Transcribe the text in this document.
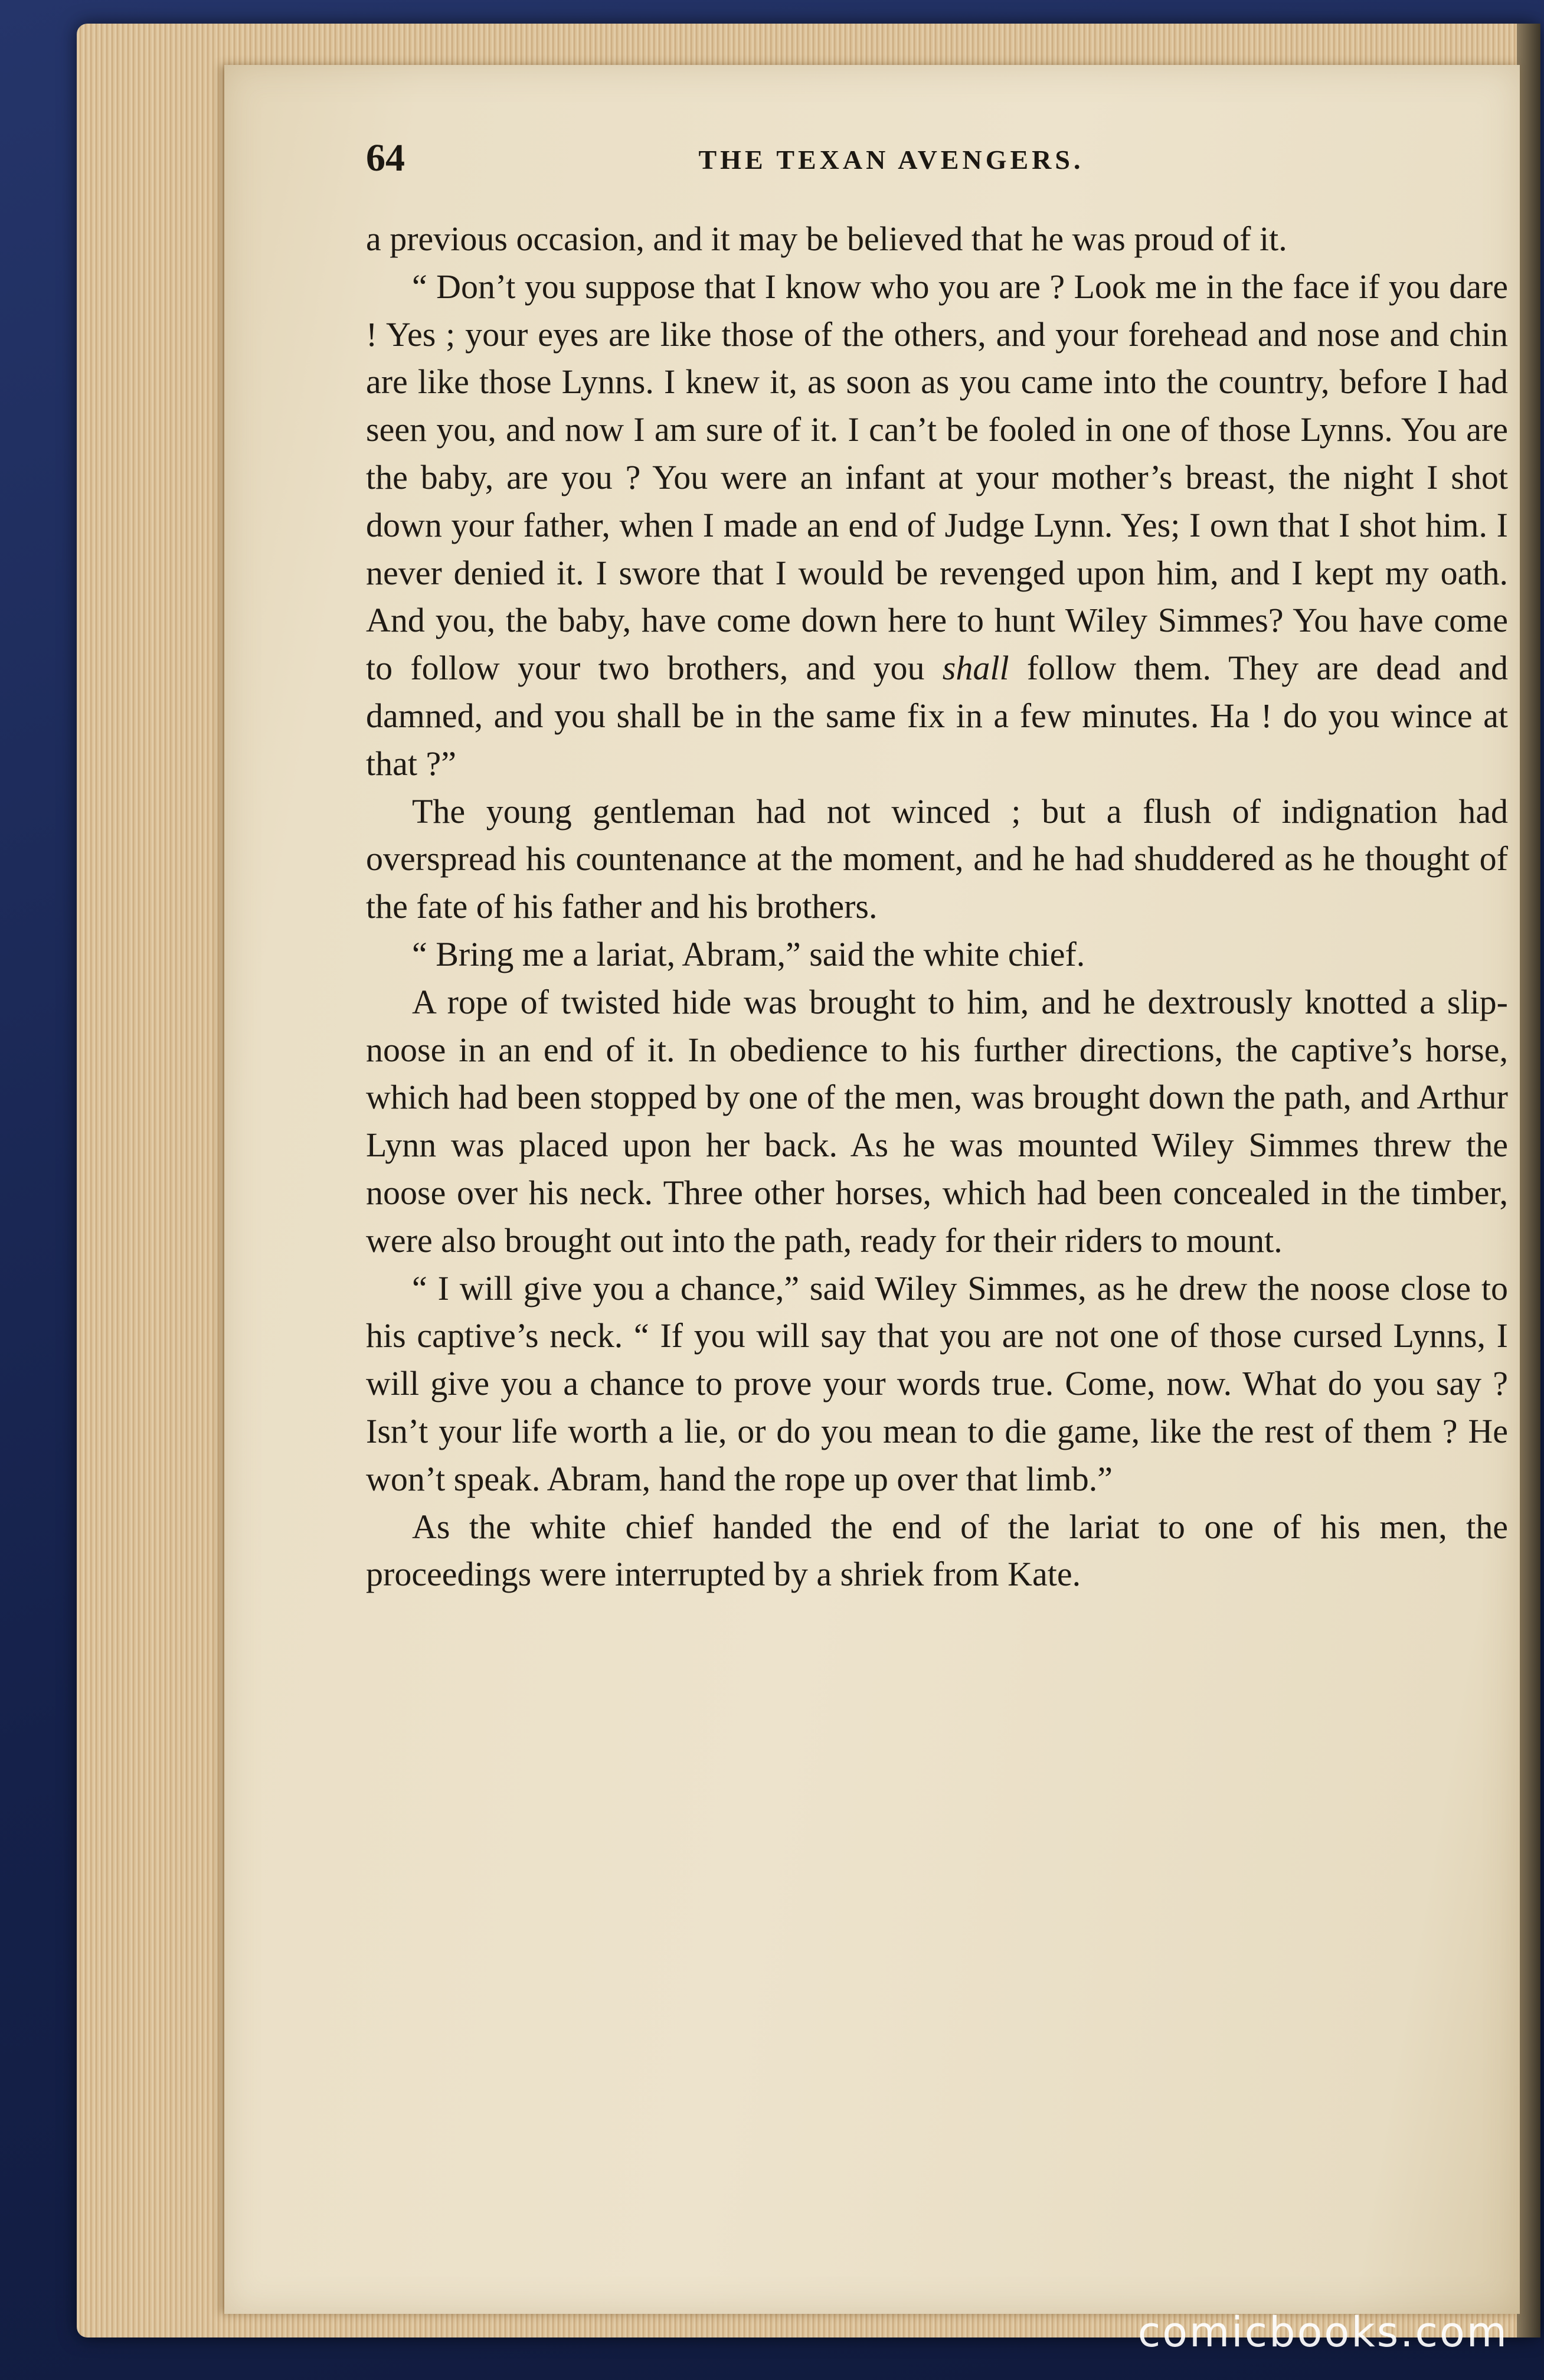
64	THE TEXAN AVENGERS.

a previous occasion, and it may be believed that he was proud of it.

“ Don’t you suppose that I know who you are ? Look me in the face if you dare ! Yes ; your eyes are like those of the others, and your forehead and nose and chin are like those Lynns. I knew it, as soon as you came into the country, before I had seen you, and now I am sure of it. I can’t be fooled in one of those Lynns. You are the baby, are you ? You were an infant at your mother’s breast, the night I shot down your father, when I made an end of Judge Lynn. Yes; I own that I shot him. I never denied it. I swore that I would be revenged upon him, and I kept my oath. And you, the baby, have come down here to hunt Wiley Simmes? You have come to follow your two brothers, and you shall follow them. They are dead and damned, and you shall be in the same fix in a few minutes. Ha ! do you wince at that ?”

The young gentleman had not winced ; but a flush of indignation had overspread his countenance at the moment, and he had shuddered as he thought of the fate of his father and his brothers.

“ Bring me a lariat, Abram,” said the white chief.

A rope of twisted hide was brought to him, and he dextrously knotted a slip-noose in an end of it. In obedience to his further directions, the captive’s horse, which had been stopped by one of the men, was brought down the path, and Arthur Lynn was placed upon her back. As he was mounted Wiley Simmes threw the noose over his neck. Three other horses, which had been concealed in the timber, were also brought out into the path, ready for their riders to mount.

“ I will give you a chance,” said Wiley Simmes, as he drew the noose close to his captive’s neck. “ If you will say that you are not one of those cursed Lynns, I will give you a chance to prove your words true. Come, now. What do you say ? Isn’t your life worth a lie, or do you mean to die game, like the rest of them ? He won’t speak. Abram, hand the rope up over that limb.”

As the white chief handed the end of the lariat to one of his men, the proceedings were interrupted by a shriek from Kate.

comicbooks.com
